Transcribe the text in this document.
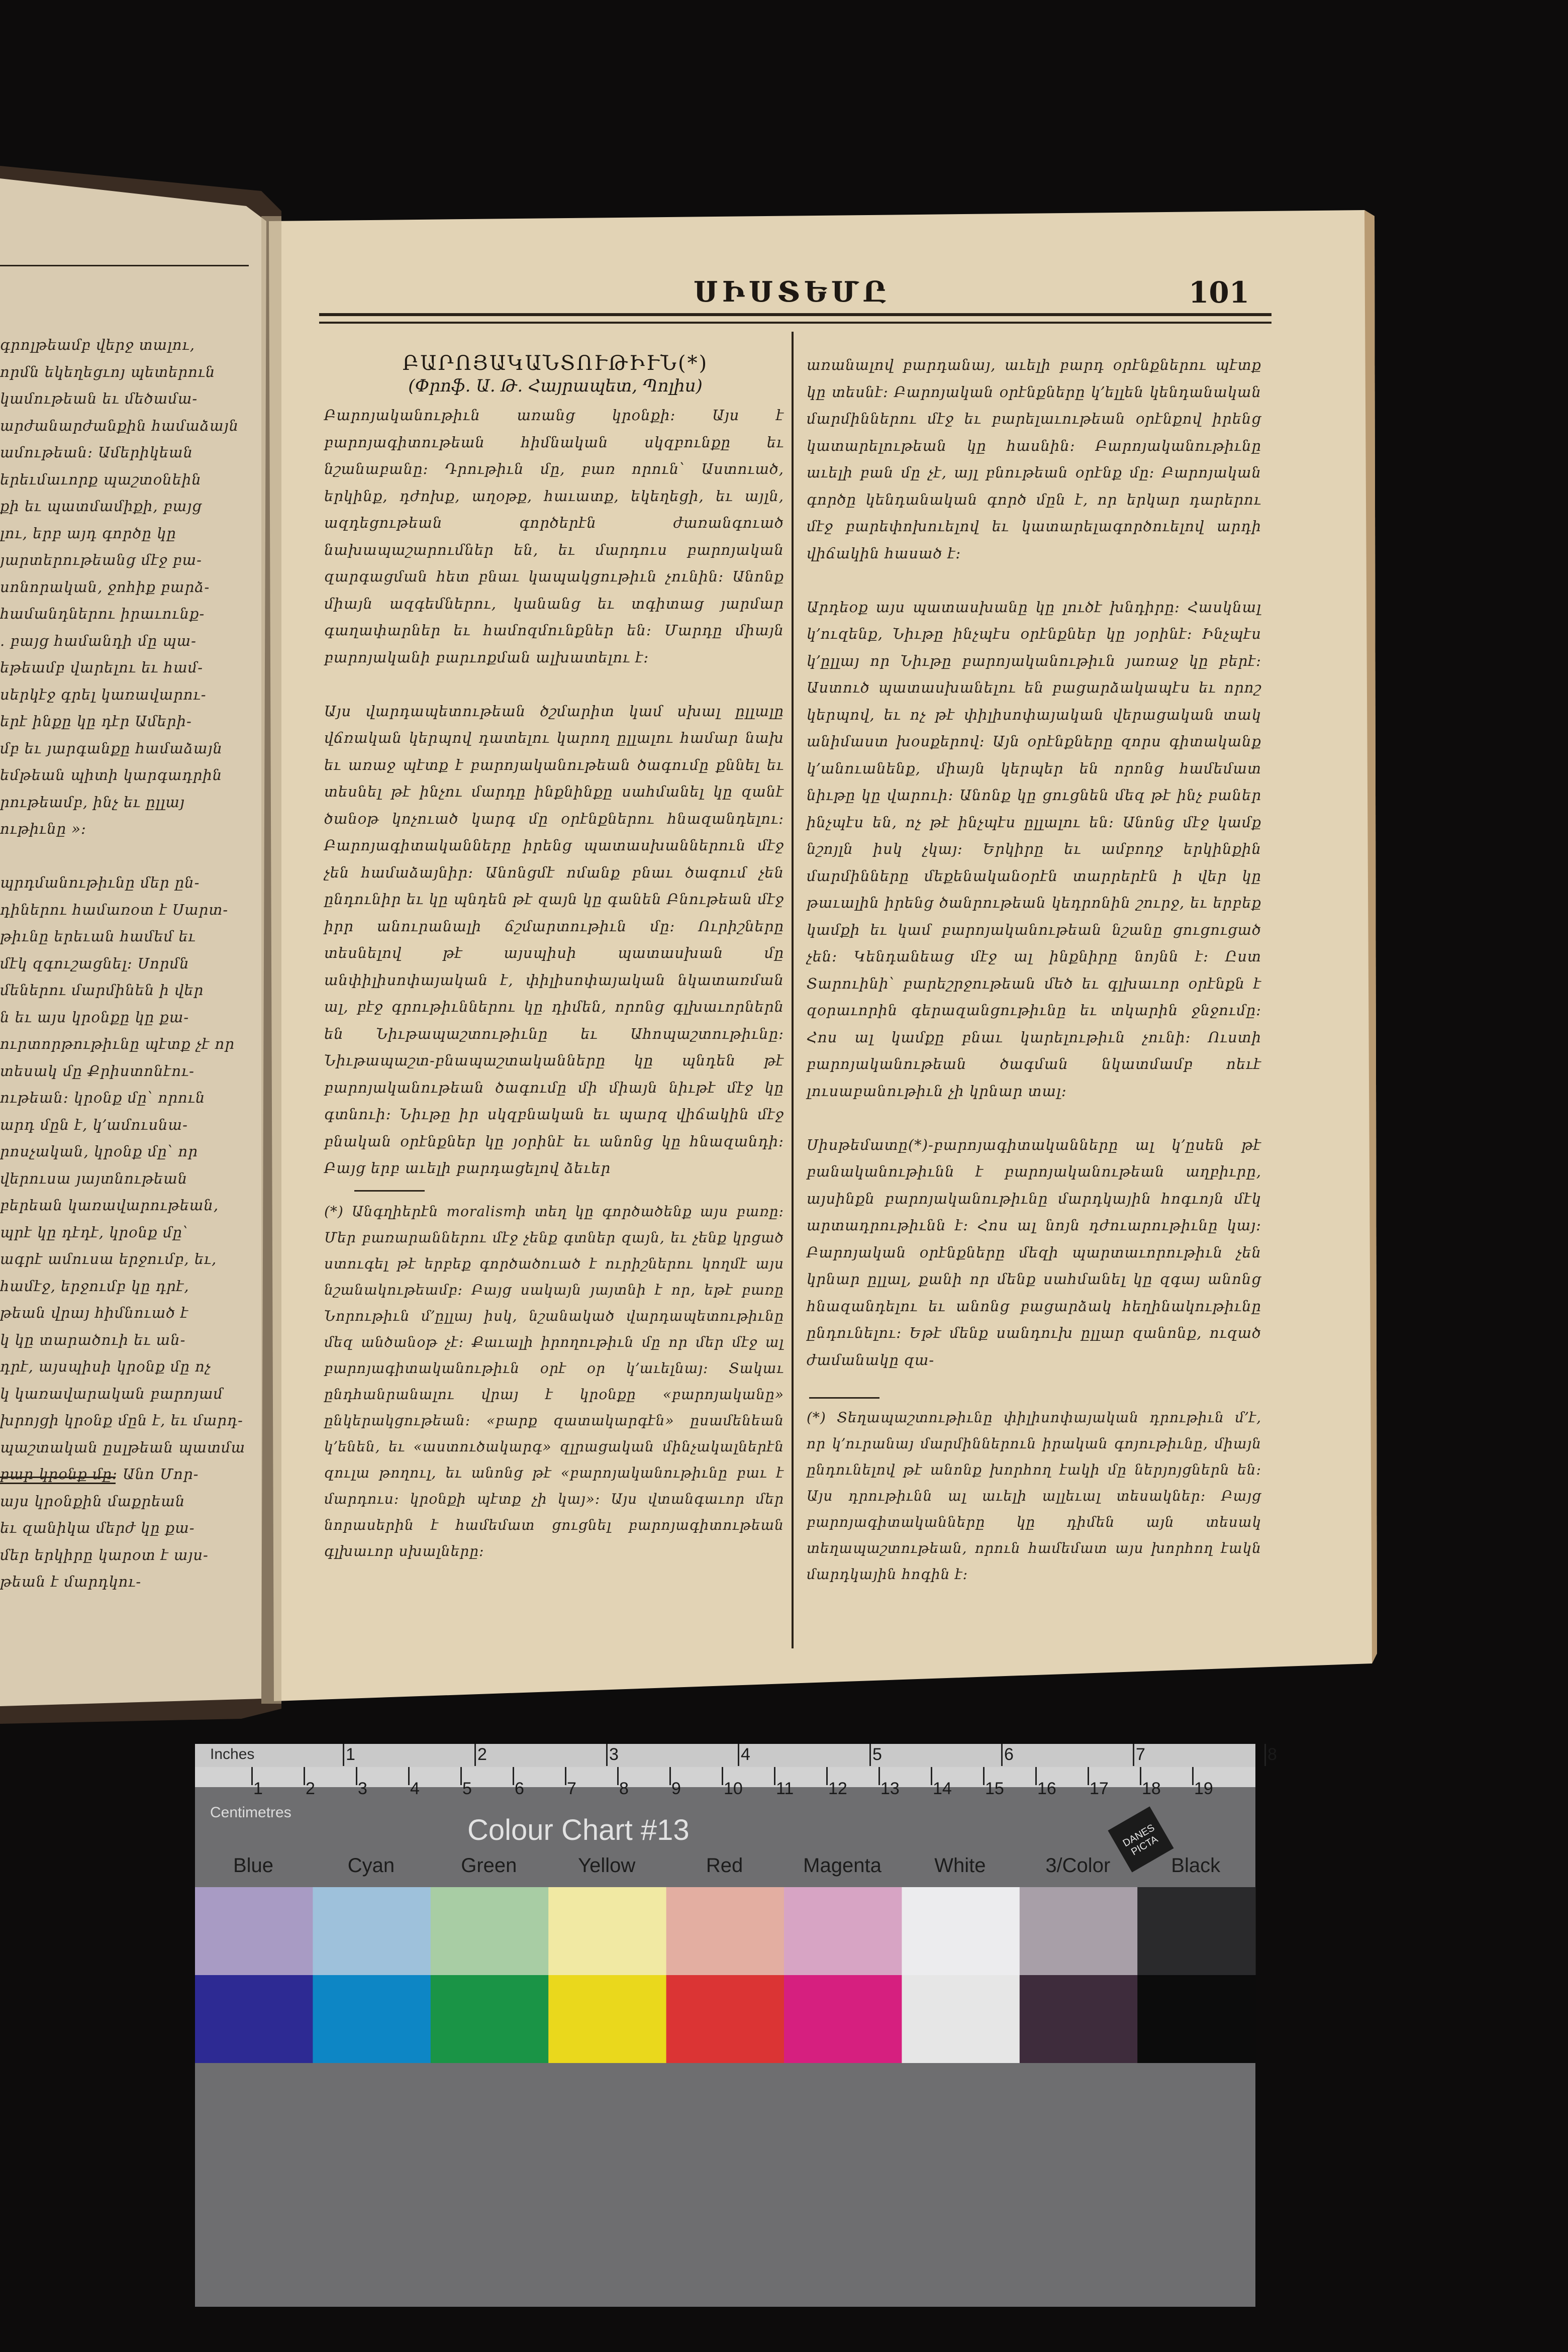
ՍԻՍՏԵՄԸ	101
գրոլթեամբ վերջ տալու,
որմն եկեղեցւոյ պետերուն
կամութեան եւ մեծամա-
արժանարժանքին համաձայն
ամութեան։ Ամերիկեան
երեւմաւորք պաշտօնեին
քի եւ պատմամիքի, բայց
լու, երբ այդ գործը կը
յարտերութեանց մէջ բա-
սոնորական, ջոհիք բարձ-
համանդներու իրաւունք-
. բայց համանդի մը պա-
եթեամբ վարելու եւ համ-
սերկէջ գրել կառավարու-
երէ ինքը կը դէր Ամերի-
մբ եւ յարգանքը համաձայն
եմթեան պիտի կարգադրին
րութեամբ, ինչ եւ ըլլայ
ութիւնը »:

պրդմանութիւնը մեր ըն-
դիներու համառօտ է Սարտ-
թիւնը երեւան համեմ եւ
մէկ զգուշացնել։ Սորմն
մեներու մարմինեն ի վեր
ն եւ այս կրօնքը կը քա-
ուրտորթութիւնը պէտք չէ որ
տեսակ մը Քրիստոնէու-
ութեան։ կրօնք մը՝ որուն
արդ մըն է, կ՚ամուսնա-
րոսչական, կրօնք մը՝ որ
վերուսա յայտնութեան
բերեան կառավարութեան,
պրէ կը դէդէ, կրօնք մը՝
ագրէ ամուսա երջումբ, եւ,
համէջ, երջումբ կը դրէ,
թեան վրայ հիմնուած է
կ կը տարածուի եւ ան-
դրէ, այսպիսի կրօնք մը ոչ
կ կառավարական բարոյամ
խրոյցի կրօնք մըն է, եւ մարդ-
պաշտական ըսլթեան պատմա
բար կրօնք մը։ Անո Մոր-
այս կրօնքին մաքրեան
եւ զանիկա մերժ կը քա-
մեր երկիրը կարօտ է այս-
թեան է մարդկու-
ԲԱՐՈՅԱԿԱՆՏՈՒԹԻՒՆ(*)
(Փրոֆ. Ա. Թ. Հայրապետ, Պոլիս)
Բարոյականութիւն առանց կրօնքի։ Այս է բարոյագիտութեան հիմնական սկզբունքը եւ նշանաբանը։ Դրութիւն մը, բառ որուն՝ Աստուած, երկինք, դժոխք, աղօթք, հաւատք, եկեղեցի, եւ այլն, ազդեցութեան գործերէն ժառանգուած նախապաշարումներ են, եւ մարդուս բարոյական զարգացման հետ բնաւ կապակցութիւն չունին։ Անոնք միայն ազգեմներու, կանանց եւ տգիտաց յարմար գաղափարներ եւ համոզմունքներ են։ Մարդը միայն բարոյականի բարւոքման ալխատելու է։

Այս վարդապետութեան ծշմարիտ կամ սխալ ըլլալը վճռական կերպով դատելու կարող ըլլալու համար նախ եւ առաջ պէտք է բարոյականութեան ծագումը քննել եւ տեսնել թէ ինչու մարդը ինքնինքը սահմանել կը զանէ ծանօթ կոչուած կարգ մը օրէնքներու հնազանդելու։ Բարոյագիտականները իրենց պատասխաններուն մէջ չեն համաձայնիր։ Անոնցմէ ոմանք բնաւ ծագում չեն ընդունիր եւ կը պնդեն թէ զայն կը գանեն Բնութեան մէջ իրր անուրանալի ճշմարտութիւն մը։ Ուրիշները տեսնելով թէ այսպիսի պատասխան մը անփիլիսոփայական է, փիլիսոփայական նկատառման ալ, բէջ գրութիւններու կը դիմեն, որոնց գլխաւորներն են Նիւթապաշտութիւնը եւ Ահոպաշտութիւնը։ Նիւթապաշտ-բնապաշտականները կը պնդեն թէ բարոյականութեան ծագումը մի միայն նիւթէ մէջ կը գտնուի։ Նիւթը իր սկզբնական եւ պարզ վիճակին մէջ բնական օրէնքներ կը յօրինէ եւ անոնց կը հնազանդի։ Բայց երբ աւելի բարդացելով ձեւեր
առանալով բարդանայ, աւելի բարդ օրէնքներու պէտք կը տեսնէ։ Բարոյական օրէնքները կ՚ելլեն կենդանական մարմիններու մէջ եւ բարելաւութեան օրէնքով իրենց կատարելութեան կը հասնին։ Բարոյականութիւնը աւելի բան մը չէ, այլ բնութեան օրէնք մը։ Բարոյական գործը կենդանական գործ մըն է, որ երկար դարերու մէջ բարեփոխուելով եւ կատարելագործուելով արդի վիճակին հասած է։

Արդեօք այս պատասխանը կը լուծէ խնդիրը։ Հասկնալ կ՚ուզենք, Նիւթը ինչպէս օրէնքներ կը յօրինէ։ Ինչպէս կ՚ըլլայ որ Նիւթը բարոյականութիւն յառաջ կը բերէ։ Աստուծ պատասխանելու են բացարձակապէս եւ որոշ կերպով, եւ ոչ թէ փիլիսոփայական վերացական տակ անիմաստ խօսքերով։ Այն օրէնքները զորս գիտականք կ՚անուանենք, միայն կերպեր են որոնց համեմատ նիւթը կը վարուի։ Անոնք կը ցուցնեն մեզ թէ ինչ բաներ ինչպէս են, ոչ թէ ինչպէս ըլլալու են։ Անոնց մէջ կամք նշոյլն իսկ չկայ։ Երկիրը եւ ամբողջ երկինքին մարմինները մեքենականօրէն տարրերէն ի վեր կը թաւալին իրենց ծանրութեան կեդրոնին շուրջ, եւ երբեք կամքի եւ կամ բարոյականութեան նշանը ցուցուցած չեն։ Կենդանեաց մէջ ալ ինքնիրը նոյնն է։ Ըստ Տարուինի՝ բարեշրջութեան մեծ եւ գլխաւոր օրէնքն է զօրաւորին գերազանցութիւնը եւ տկարին ջնջումը։ Հոս ալ կամքը բնաւ կարելութիւն չունի։ Ուստի բարոյականութեան ծագման նկատմամբ ոեւէ լուսաբանութիւն չի կրնար տալ։

Սիսթեմատը(*)-բարոյագիտականները ալ կ՚ըսեն թէ բանականութիւնն է բարոյականութեան աղբիւրը, այսինքն բարոյականութիւնը մարդկային հոգւոյն մէկ արտադրութիւնն է։ Հոս ալ նոյն դժուարութիւնը կայ։ Բարոյական օրէնքները մեզի պարտաւորութիւն չեն կրնար ըլլալ, քանի որ մենք սահմանել կը զգայ անոնց հնազանդելու եւ անոնց բացարձակ հեղինակութիւնը ընդունելու։ Եթէ մենք սանդուխ ըլլար զանոնք, ուզած ժամանակը զա-
(*) Անգղիերէն moralismի տեղ կը գործածենք այս բառը։ Մեր բառարաններու մէջ չենք գտներ զայն, եւ չենք կրցած ստուգել թէ երբեք գործածուած է ուրիշներու կողմէ այս նշանակութեամբ։ Բայց սակայն յայտնի է որ, եթէ բառը Նորութիւն մ՚ըլլայ իսկ, նշանակած վարդապետութիւնը մեզ անծանօթ չէ։ Քաւալի իրողութիւն մը որ մեր մէջ ալ բարոյագիտականութիւն օրէ օր կ՚աւելնայ։ Տակաւ ընդհանրանալու վրայ է կրօնքը «բարոյականը» ընկերակցութեան։ «բարք զատակարգէն» ըսամենեան կ՚ենեն, եւ «աստուծակարգ» զլրացական մինչակալներէն զուլա թողուլ, եւ անոնց թէ «բարոյականութիւնը բաւ է մարդուս։ կրօնքի պէտք չի կայ»։ Այս վտանգաւոր մեր նորասերին է համեմատ ցուցնել բարոյագիտութեան գլխաւոր սխալները։
(*) Տեղապաշտութիւնը փիլիսոփայական դրութիւն մ՚է, որ կ՚ուրանայ մարմիններուն իրական գոյութիւնը, միայն ընդունելով թէ անոնք խորհող էակի մը ներյոյցներն են։ Այս դրութիւնն ալ աւելի ալլեւալ տեսակներ։ Բայց բարոյագիտականները կը դիմեն այն տեսակ տեղապաշտութեան, որուն համեմատ այս խորհող էակն մարդկային հոգին է։
Inches
Centimetres
Colour Chart #13	DANES PICTA
Blue	Cyan	Green	Yellow	Red	Magenta	White	3/Color	Black
1	2	3	4	5	6	7	8
1	2	3	4	5	6	7	8	9	10 11 12 13 14 15 16 17 18 19
